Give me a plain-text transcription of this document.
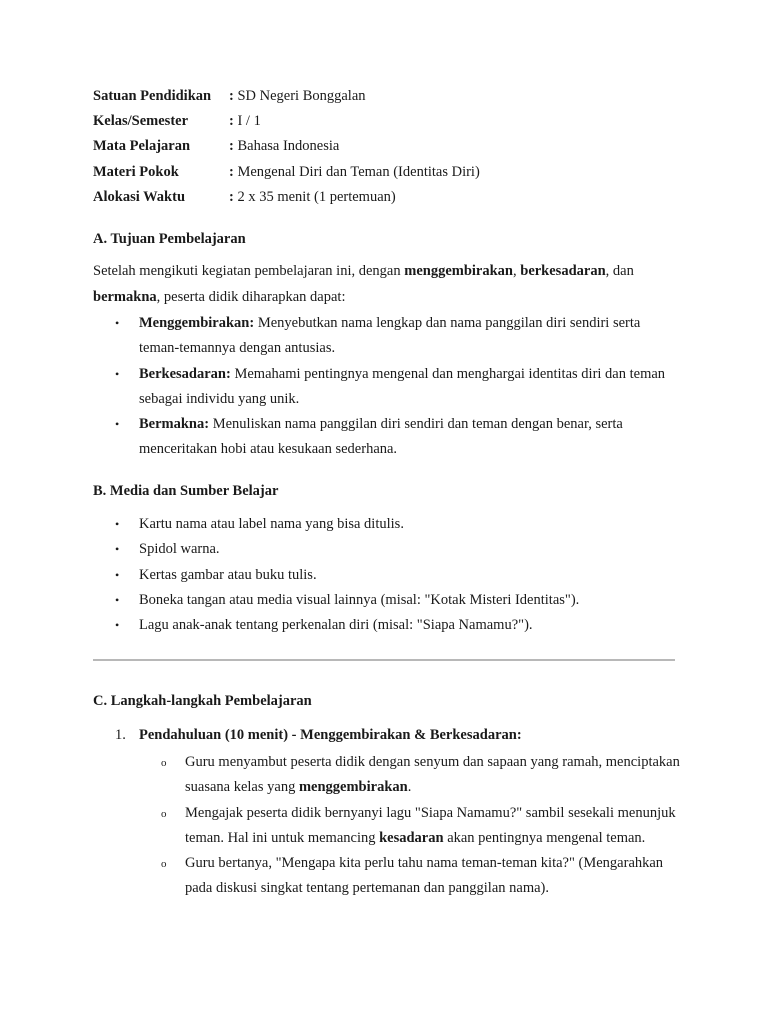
Satuan Pendidikan : SD Negeri Bonggalan
Kelas/Semester	: I / 1
Mata Pelajaran	: Bahasa Indonesia
Materi Pokok	: Mengenal Diri dan Teman (Identitas Diri)
Alokasi Waktu	: 2 x 35 menit (1 pertemuan)
A. Tujuan Pembelajaran
Setelah mengikuti kegiatan pembelajaran ini, dengan menggembirakan, berkesadaran, dan bermakna, peserta didik diharapkan dapat:
• Menggembirakan: Menyebutkan nama lengkap dan nama panggilan diri sendiri serta teman-temannya dengan antusias.
• Berkesadaran: Memahami pentingnya mengenal dan menghargai identitas diri dan teman sebagai individu yang unik.
• Bermakna: Menuliskan nama panggilan diri sendiri dan teman dengan benar, serta menceritakan hobi atau kesukaan sederhana.
B. Media dan Sumber Belajar
• Kartu nama atau label nama yang bisa ditulis.
• Spidol warna.
• Kertas gambar atau buku tulis.
• Boneka tangan atau media visual lainnya (misal: "Kotak Misteri Identitas").
• Lagu anak-anak tentang perkenalan diri (misal: "Siapa Namamu?").
C. Langkah-langkah Pembelajaran
1. Pendahuluan (10 menit) - Menggembirakan & Berkesadaran:
o Guru menyambut peserta didik dengan senyum dan sapaan yang ramah, menciptakan suasana kelas yang menggembirakan.
o Mengajak peserta didik bernyanyi lagu "Siapa Namamu?" sambil sesekali menunjuk teman. Hal ini untuk memancing kesadaran akan pentingnya mengenal teman.
o Guru bertanya, "Mengapa kita perlu tahu nama teman-teman kita?" (Mengarahkan pada diskusi singkat tentang pertemanan dan panggilan nama).
